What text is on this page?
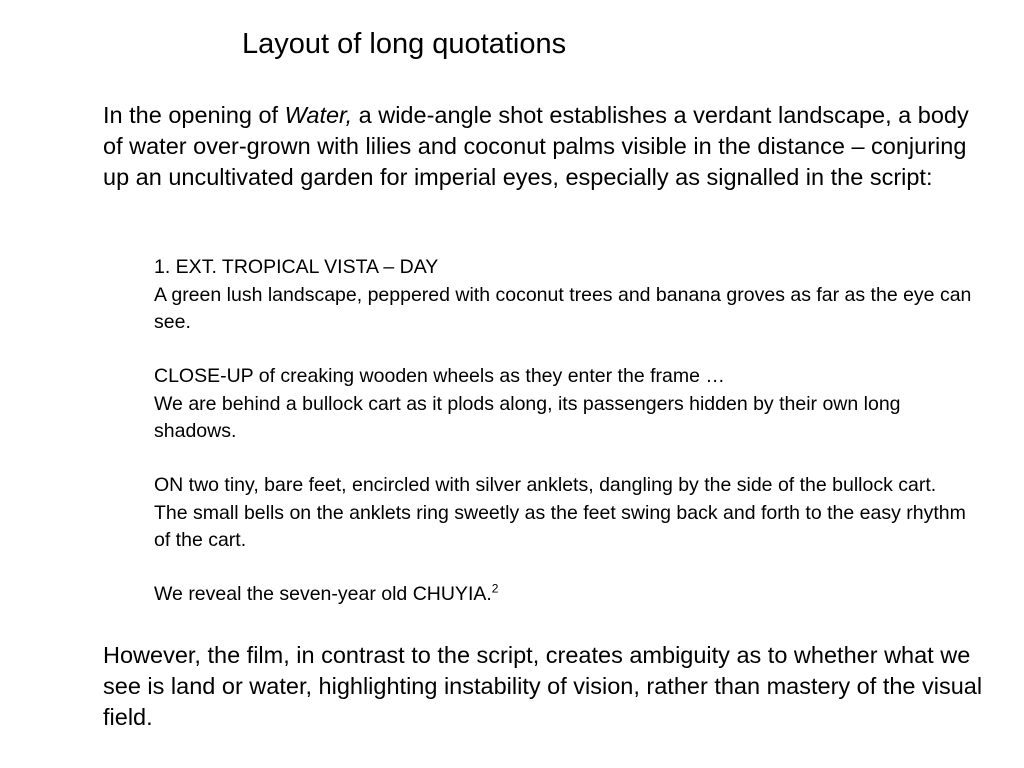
Layout of long quotations
In the opening of Water, a wide-angle shot establishes a verdant landscape, a body of water over-grown with lilies and coconut palms visible in the distance – conjuring up an uncultivated garden for imperial eyes, especially as signalled in the script:

1. EXT. TROPICAL VISTA – DAY

A green lush landscape, peppered with coconut trees and banana groves as far as the eye can see.

CLOSE-UP of creaking wooden wheels as they enter the frame …

We are behind a bullock cart as it plods along, its passengers hidden by their own long shadows.

ON two tiny, bare feet, encircled with silver anklets, dangling by the side of the bullock cart. The small bells on the anklets ring sweetly as the feet swing back and forth to the easy rhythm of the cart.

We reveal the seven-year old CHUYIA.$^2$

However, the film, in contrast to the script, creates ambiguity as to whether what we see is land or water, highlighting instability of vision, rather than mastery of the visual field.
